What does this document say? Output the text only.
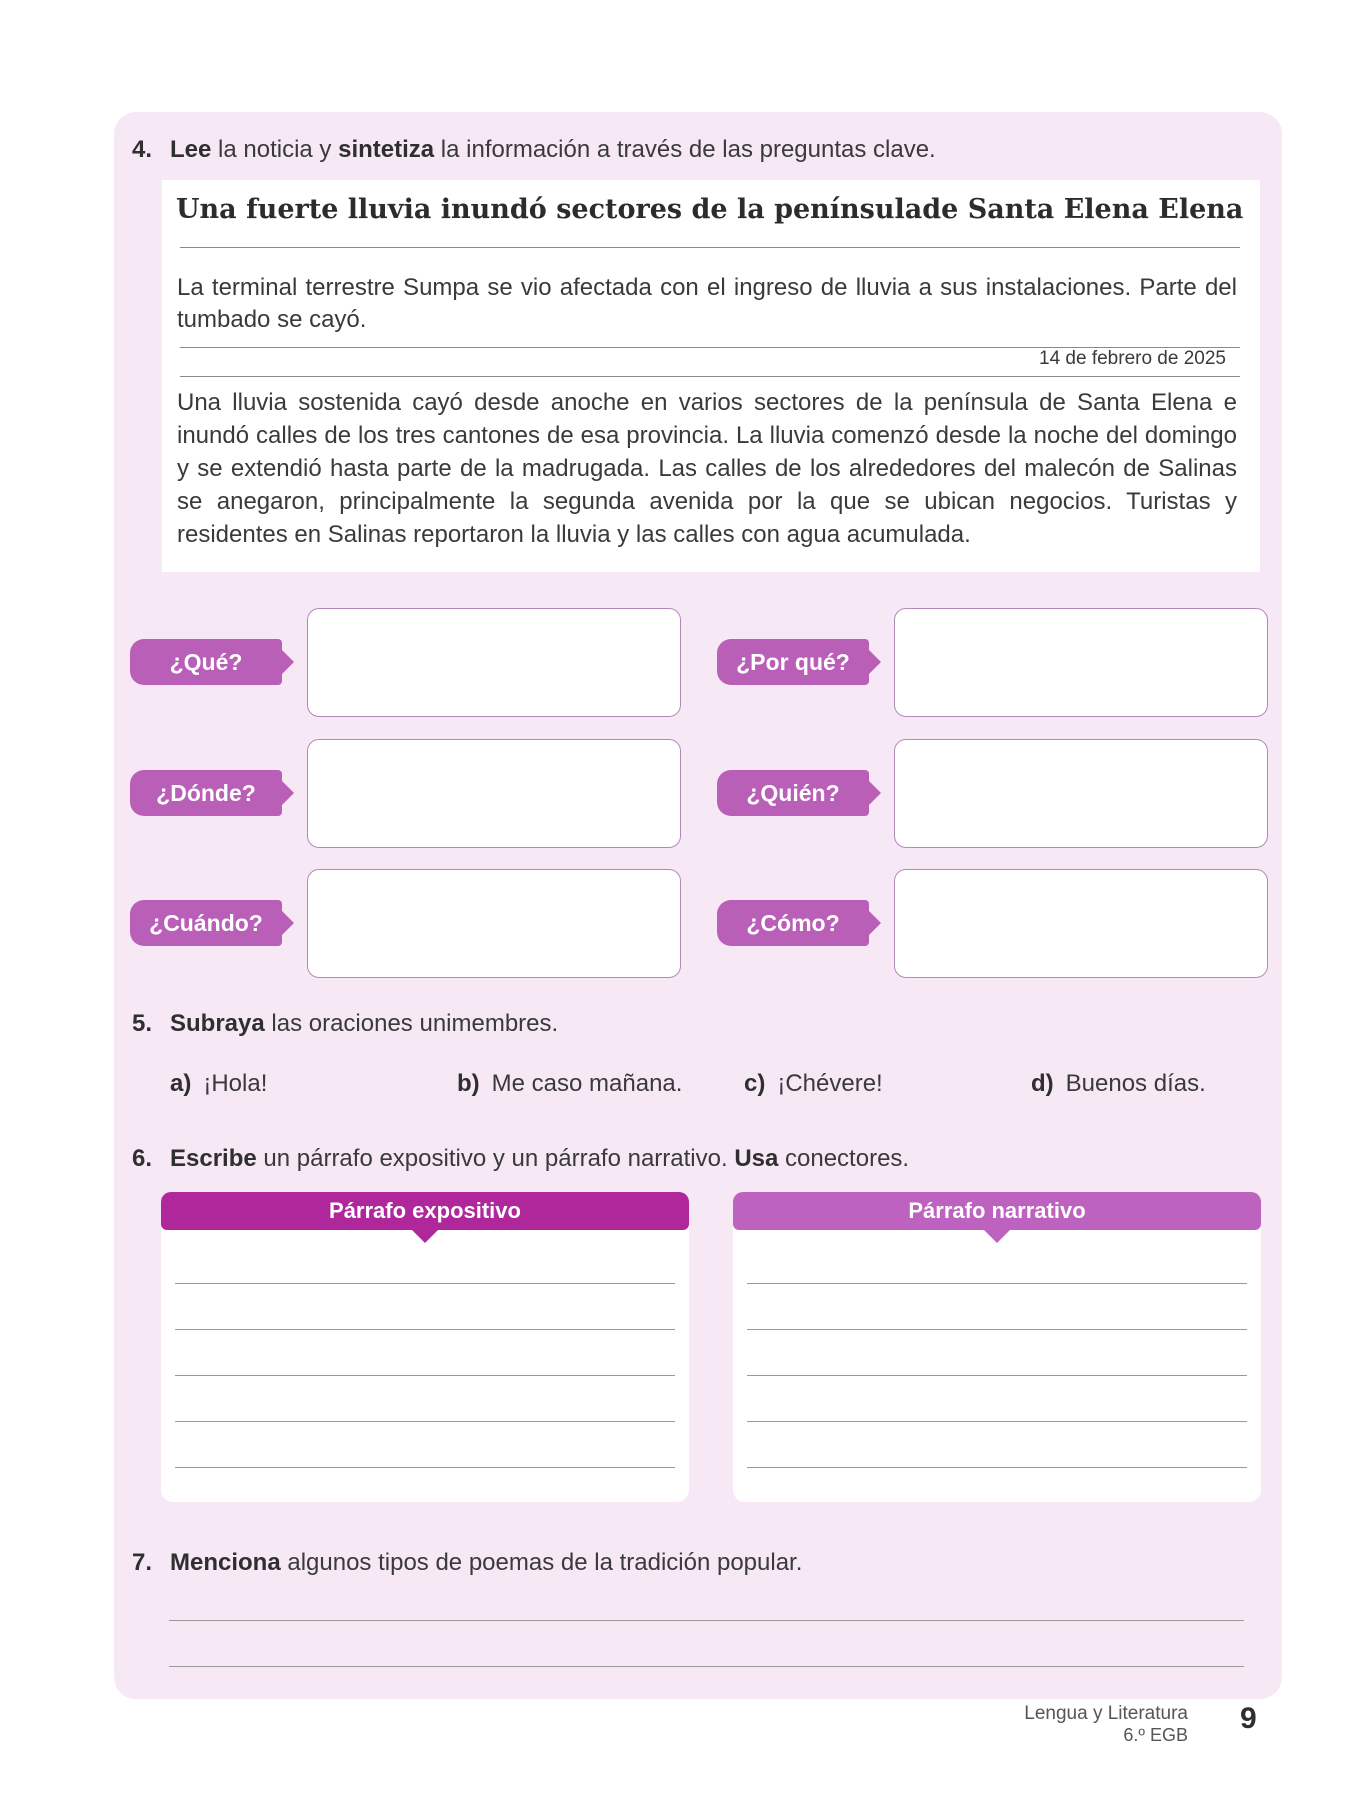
4. Lee la noticia y sintetiza la información a través de las preguntas clave.
Una fuerte lluvia inundó sectores de la penínsulade Santa Elena Elena
La terminal terrestre Sumpa se vio afectada con el ingreso de lluvia a sus instalaciones. Parte del tumbado se cayó.
14 de febrero de 2025
Una lluvia sostenida cayó desde anoche en varios sectores de la península de Santa Elena e inundó calles de los tres cantones de esa provincia. La lluvia comenzó desde la noche del domingo y se extendió hasta parte de la madrugada. Las calles de los alrededores del malecón de Salinas se anegaron, principalmente la segunda avenida por la que se ubican negocios. Turistas y residentes en Salinas reportaron la lluvia y las calles con agua acumulada.
¿Qué?	¿Por qué?
¿Dónde?	¿Quién?
¿Cuándo?	¿Cómo?
5. Subraya las oraciones unimembres.
a) ¡Hola!	b) Me caso mañana.	c) ¡Chévere!	d) Buenos días.
6. Escribe un párrafo expositivo y un párrafo narrativo. Usa conectores.
Párrafo expositivo	Párrafo narrativo
7. Menciona algunos tipos de poemas de la tradición popular.
Lengua y Literatura
6.º EGB 9
